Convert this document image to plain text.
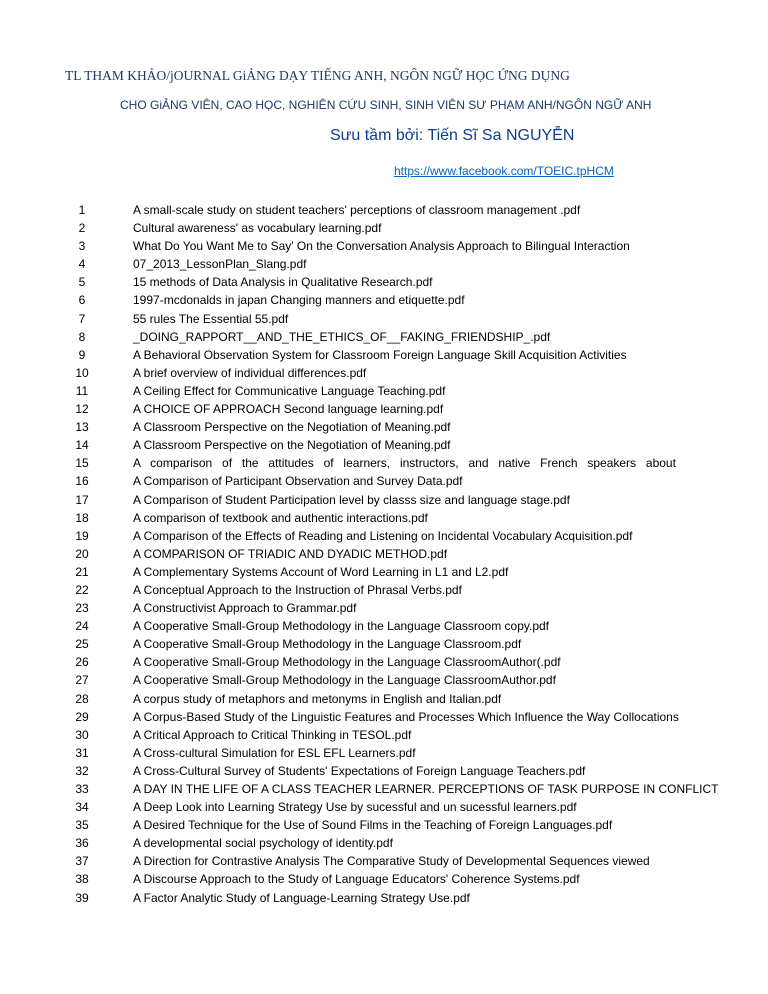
TL THAM KHẢO/jOURNAL GiẢNG DẠY TIẾNG ANH, NGÔN NGỮ HỌC ỨNG DỤNG
CHO GiẢNG VIÊN, CAO HỌC, NGHIÊN CỨU SINH, SINH VIÊN SƯ PHẠM ANH/NGÔN NGỮ ANH
Sưu tầm bởi: Tiến Sĩ Sa NGUYỄN
https://www.facebook.com/TOEIC.tpHCM
1	A small-scale study on student teachers' perceptions of classroom management .pdf
2	Cultural awareness' as vocabulary learning.pdf
3	What Do You Want Me to Say' On the Conversation Analysis Approach to Bilingual Interaction
4	07_2013_LessonPlan_Slang.pdf
5	15 methods of Data Analysis in Qualitative Research.pdf
6	1997-mcdonalds in japan Changing manners and etiquette.pdf
7	55 rules The Essential 55.pdf
8	_DOING_RAPPORT__AND_THE_ETHICS_OF__FAKING_FRIENDSHIP_.pdf
9	A Behavioral Observation System for Classroom Foreign Language Skill Acquisition Activities
10	A brief overview of individual differences.pdf
11	A Ceiling Effect for Communicative Language Teaching.pdf
12	A CHOICE OF APPROACH Second language learning.pdf
13	A Classroom Perspective on the Negotiation of Meaning.pdf
14	A Classroom Perspective on the Negotiation of Meaning.pdf
15	A comparison of the attitudes of learners, instructors, and native French speakers about
16	A Comparison of Participant Observation and Survey Data.pdf
17	A Comparison of Student Participation level by classs size and language stage.pdf
18	A comparison of textbook and authentic interactions.pdf
19	A Comparison of the Effects of Reading and Listening on Incidental Vocabulary Acquisition.pdf
20	A COMPARISON OF TRIADIC AND DYADIC METHOD.pdf
21	A Complementary Systems Account of Word Learning in L1 and L2.pdf
22	A Conceptual Approach to the Instruction of Phrasal Verbs.pdf
23	A Constructivist Approach to Grammar.pdf
24	A Cooperative Small-Group Methodology in the Language Classroom copy.pdf
25	A Cooperative Small-Group Methodology in the Language Classroom.pdf
26	A Cooperative Small-Group Methodology in the Language ClassroomAuthor(.pdf
27	A Cooperative Small-Group Methodology in the Language ClassroomAuthor.pdf
28	A corpus study of metaphors and metonyms in English and Italian.pdf
29	A Corpus-Based Study of the Linguistic Features and Processes Which Influence the Way Collocations
30	A Critical Approach to Critical Thinking in TESOL.pdf
31	A Cross-cultural Simulation for ESL EFL Learners.pdf
32	A Cross-Cultural Survey of Students' Expectations of Foreign Language Teachers.pdf
33	A DAY IN THE LIFE OF A CLASS TEACHER LEARNER. PERCEPTIONS OF TASK PURPOSE IN CONFLICT
34	A Deep Look into Learning Strategy Use by sucessful and un sucessful learners.pdf
35	A Desired Technique for the Use of Sound Films in the Teaching of Foreign Languages.pdf
36	A developmental social psychology of identity.pdf
37	A Direction for Contrastive Analysis The Comparative Study of Developmental Sequences viewed
38	A Discourse Approach to the Study of Language Educators' Coherence Systems.pdf
39	A Factor Analytic Study of Language-Learning Strategy Use.pdf
